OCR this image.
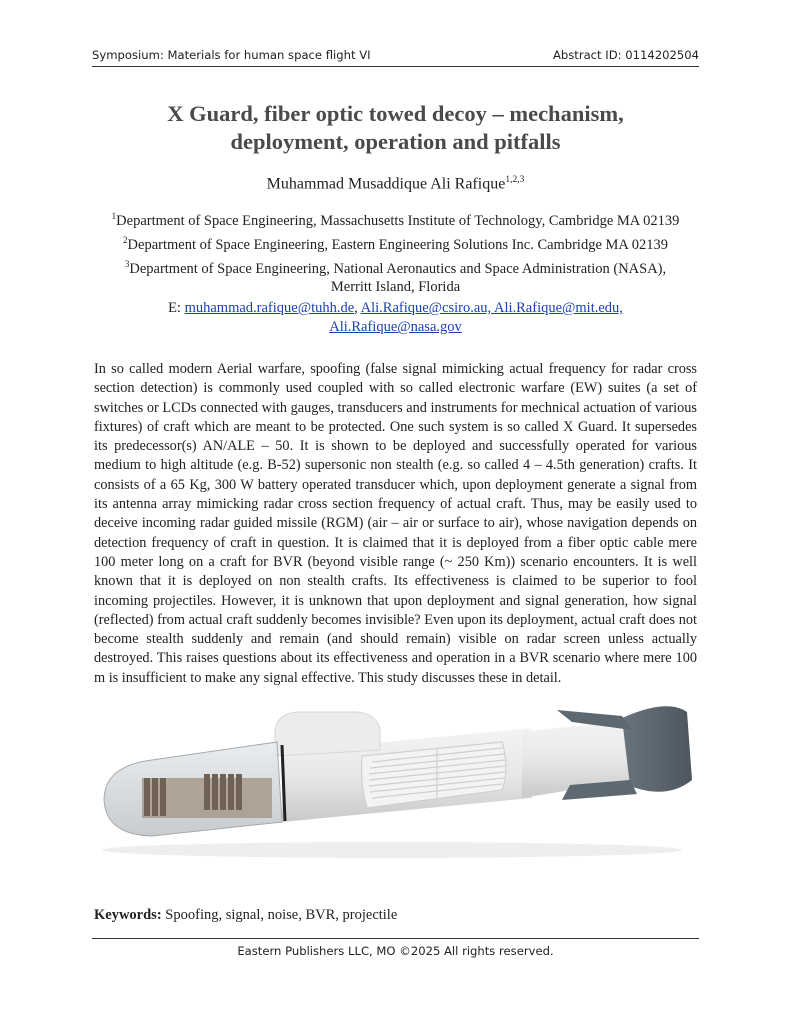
Symposium: Materials for human space flight VI	Abstract ID: 0114202504
X Guard, fiber optic towed decoy – mechanism,
deployment, operation and pitfalls
Muhammad Musaddique Ali Rafique$^{1,2,3}$
$^1$Department of Space Engineering, Massachusetts Institute of Technology, Cambridge MA 02139
$^2$Department of Space Engineering, Eastern Engineering Solutions Inc. Cambridge MA 02139
$^3$Department of Space Engineering, National Aeronautics and Space Administration (NASA),
Merritt Island, Florida
E: muhammad.rafique@tuhh.de, Ali.Rafique@csiro.au, Ali.Rafique@mit.edu,
Ali.Rafique@nasa.gov
In so called modern Aerial warfare, spoofing (false signal mimicking actual frequency for radar cross section detection) is commonly used coupled with so called electronic warfare (EW) suites (a set of switches or LCDs connected with gauges, transducers and instruments for mechnical actuation of various fixtures) of craft which are meant to be protected. One such system is so called X Guard. It supersedes its predecessor(s) AN/ALE – 50. It is shown to be deployed and successfully operated for various medium to high altitude (e.g. B-52) supersonic non stealth (e.g. so called 4 – 4.5th generation) crafts. It consists of a 65 Kg, 300 W battery operated transducer which, upon deployment generate a signal from its antenna array mimicking radar cross section frequency of actual craft. Thus, may be easily used to deceive incoming radar guided missile (RGM) (air – air or surface to air), whose navigation depends on detection frequency of craft in question. It is claimed that it is deployed from a fiber optic cable mere 100 meter long on a craft for BVR (beyond visible range (~ 250 Km)) scenario encounters. It is well known that it is deployed on non stealth crafts. Its effectiveness is claimed to be superior to fool incoming projectiles. However, it is unknown that upon deployment and signal generation, how signal (reflected) from actual craft suddenly becomes invisible? Even upon its deployment, actual craft does not become stealth suddenly and remain (and should remain) visible on radar screen unless actually destroyed. This raises questions about its effectiveness and operation in a BVR scenario where mere 100 m is insufficient to make any signal effective. This study discusses these in detail.
Keywords: Spoofing, signal, noise, BVR, projectile
Eastern Publishers LLC, MO ©2025 All rights reserved.
